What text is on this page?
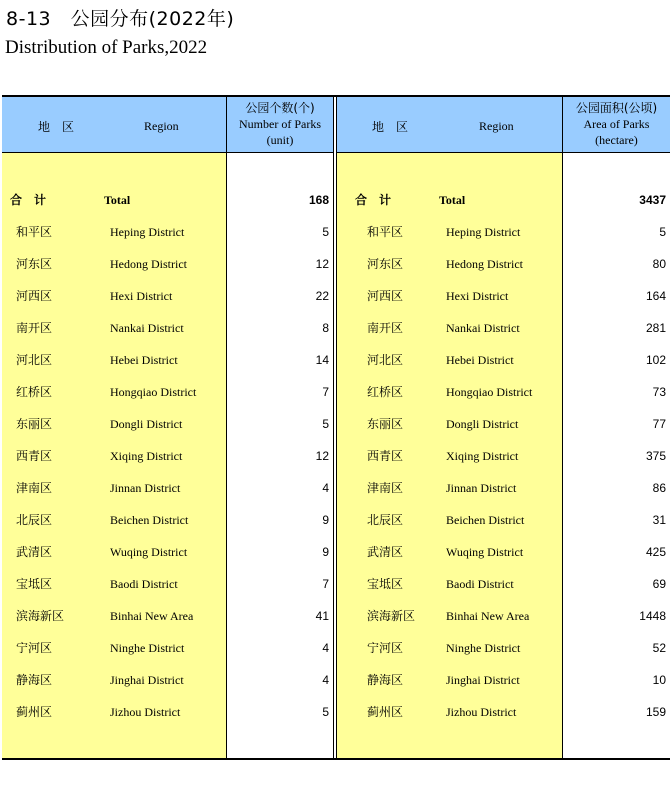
8-13　公园分布(2022年)
Distribution of Parks,2022
地　区	Region
公园个数(个)
Number of Parks
(unit)
合　计	Total	168
和平区	Heping District	5
河东区	Hedong District	12
河西区	Hexi District	22
南开区	Nankai District	8
河北区	Hebei District	14
红桥区	Hongqiao District	7
东丽区	Dongli District	5
西青区	Xiqing District	12
津南区	Jinnan District	4
北辰区	Beichen District	9
武清区	Wuqing District	9
宝坻区	Baodi District	7
滨海新区	Binhai New Area	41
宁河区	Ninghe District	4
静海区	Jinghai District	4
蓟州区	Jizhou District	5
地　区	Region
公园面积(公顷)
Area of Parks
(hectare)
合　计	Total	3437
和平区	Heping District	5
河东区	Hedong District	80
河西区	Hexi District	164
南开区	Nankai District	281
河北区	Hebei District	102
红桥区	Hongqiao District	73
东丽区	Dongli District	77
西青区	Xiqing District	375
津南区	Jinnan District	86
北辰区	Beichen District	31
武清区	Wuqing District	425
宝坻区	Baodi District	69
滨海新区	Binhai New Area	1448
宁河区	Ninghe District	52
静海区	Jinghai District	10
蓟州区	Jizhou District	159
